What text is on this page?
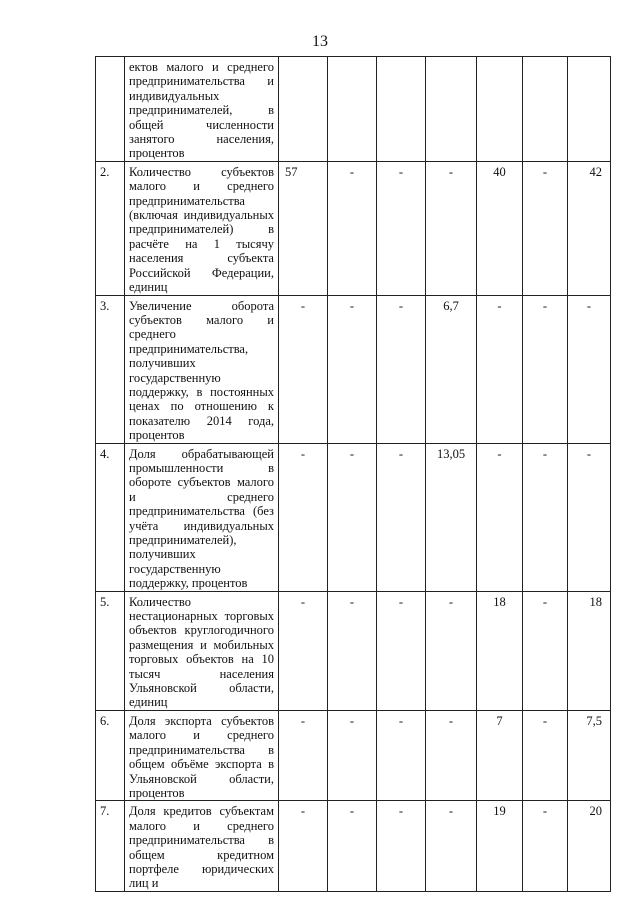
13
	ектов малого и среднего предпринимательства и индивидуальных предпринимателей, в общей численности занятого населения, процентов							
2.	Количество субъектов малого и среднего предпринимательства (включая индивидуальных предпринимателей) в расчёте на 1 тысячу населения субъекта Российской Федерации, единиц	57	-	-	-	40	-	42
3.	Увеличение оборота субъектов малого и среднего предпринимательства, получивших государственную поддержку, в постоянных ценах по отношению к показателю 2014 года, процентов	-	-	-	6,7	-	-	-
4.	Доля обрабатывающей промышленности в обороте субъектов малого и среднего предпринимательства (без учёта индивидуальных предпринимателей), получивших государственную поддержку, процентов	-	-	-	13,05	-	-	-
5.	Количество нестационарных торговых объектов круглогодичного размещения и мобильных торговых объектов на 10 тысяч населения Ульяновской области, единиц	-	-	-	-	18	-	18
6.	Доля экспорта субъектов малого и среднего предпринимательства в общем объёме экспорта в Ульяновской области, процентов	-	-	-	-	7	-	7,5
7.	Доля кредитов субъектам малого и среднего предпринимательства в общем кредитном портфеле юридических лиц и	-	-	-	-	19	-	20
